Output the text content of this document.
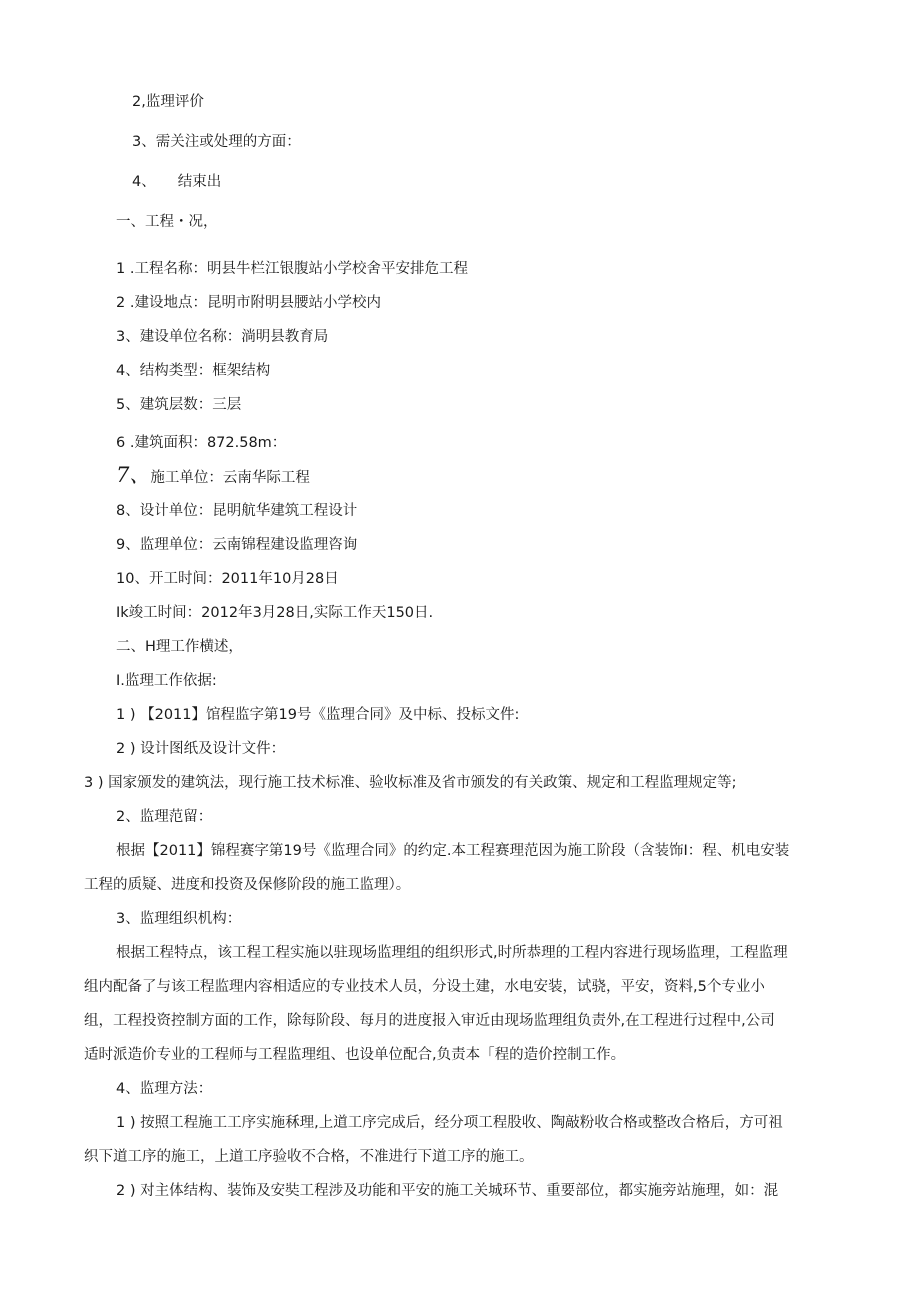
2,监理评价

3、需关注或处理的方面：

4、 结束出

一、工程・况，

1 .工程名称：明县牛栏江银腹站小学校舍平安排危工程

2 .建设地点：昆明市附明县腰站小学校内

3、建设单位名称：淌明县教育局

4、结构类型：框架结构

5、建筑层数：三层

6 .建筑面积：872.58m：

7、施工单位：云南华际工程

8、设计单位：昆明航华建筑工程设计

9、监理单位：云南锦程建设监理咨询

10、开工时间：2011年10月28日

Ik竣工时间：2012年3月28日,实际工作天150日.

二、H理工作横述，

I.监理工作依据:

1 ) 【2011】馆程监字第19号《监理合同》及中标、投标文件:

2 ) 设计图纸及设计文件：

3 ) 国家颁发的建筑法，现行施工技术标准、验收标准及省市颁发的有关政策、规定和工程监理规定等;

2、监理范留：

根据【2011】锦程赛字第19号《监理合同》的约定.本工程赛理范因为施工阶段（含装饰I：程、机电安装

工程的质疑、进度和投资及保修阶段的施工监理）。

3、监理组织机构：

根据工程特点，该工程工程实施以驻现场监理组的组织形式,时所恭理的工程内容进行现场监理，工程监理

组内配备了与该工程监理内容相适应的专业技术人员，分设土建，水电安装，试骁，平安，资料,5个专业小

组，工程投资控制方面的工作，除每阶段、每月的进度报入审近由现场监理组负责外,在工程进行过程中,公司

适时派造价专业的工程师与工程监理组、也设单位配合,负责本「程的造价控制工作。

4、监理方法：

1 ) 按照工程施工工序实施秝理,上道工序完成后，经分项工程股收、陶敲粉收合格或整改合格后，方可祖

织下道工序的施工，上道工序验收不合格，不准进行下道工序的施工。

2 ) 对主体结构、装饰及安奘工程涉及功能和平安的施工关城环节、重要部位，都实施旁站施理，如：混
